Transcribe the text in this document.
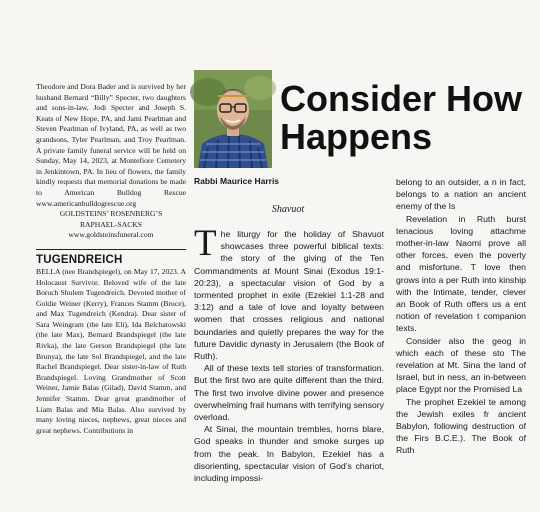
Theodore and Dora Bader and is survived by her husband Bernard “Billy” Specter, two daughters and sons-in-law, Jodi Specter and Joseph S. Keats of New Hope, PA, and Jami Pearlman and Steven Pearlman of Ivyland, PA, as well as two grandsons, Tyler Pearlman, and Troy Pearlman. A private family funeral service will be held on Sunday, May 14, 2023, at Montefiore Cemetery in Jenkintown, PA. In lieu of flowers, the family kindly requests that memorial donations be made to American Bulldog Rescue www.americanbulldogrescue.org

GOLDSTEINS’ ROSENBERG’S
RAPHAEL-SACKS
www.goldsteinsfuneral.com
TUGENDREICH

BELLA (nee Brandspiegel), on May 17, 2023. A Holocaust Survivor. Beloved wife of the late Boruch Shulem Tugendreich. Devoted mother of Goldie Weiner (Kerry), Frances Stamm (Bruce), and Max Tugendreich (Kendra). Dear sister of Sara Weingram (the late Eli), Ida Belchatowski (the late Max), Bernard Brandspiegel (the late Rivka), the late Gerson Brandspiegel (the late Brunya), the late Sol Brandspiegel, and the late Rachel Brandspiegel. Dear sister-in-law of Ruth Brandspiegel. Loving Grandmother of Scott Weiner, Jamie Balas (Gilad), David Stamm, and Jennifer Stamm. Dear great grandmother of Liam Balas and Mia Balas. Also survived by many loving nieces, nephews, great nieces and great nephews. Contributions in

Consider How
Happens
Rabbi Maurice Harris
Shavuot

The liturgy for the holiday of Shavuot showcases three powerful biblical texts: the story of the giving of the Ten Commandments at Mount Sinai (Exodus 19:1-20:23), a spectacular vision of God by a tormented prophet in exile (Ezekiel 1:1-28 and 3:12) and a tale of love and loyalty between women that crosses religious and national boundaries and quietly prepares the way for the future Davidic dynasty in Jerusalem (the Book of Ruth).

All of these texts tell stories of transformation. But the first two are quite different than the third. The first two involve divine power and presence overwhelming frail humans with terrifying sensory overload.

At Sinai, the mountain trembles, horns blare, God speaks in thunder and smoke surges up from the peak. In Babylon, Ezekiel has a disorienting, spectacular vision of God’s chariot, including impossi-

belong to an outsider, a n in fact, belongs to a nation an ancient enemy of the Is

Revelation in Ruth burst tenacious loving attachme mother-in-law Naomi prove all other forces, even the poverty and misfortune. T love then grows into a per Ruth into kinship with the Intimate, tender, clever an Book of Ruth offers us a ent notion of revelation t companion texts.

Consider also the geog in which each of these sto The revelation at Mt. Sina the land of Israel, but in ness, an in-between place Egypt nor the Promised La

The prophet Ezekiel te among the Jewish exiles fr ancient Babylon, following destruction of the Firs B.C.E.). The Book of Ruth
